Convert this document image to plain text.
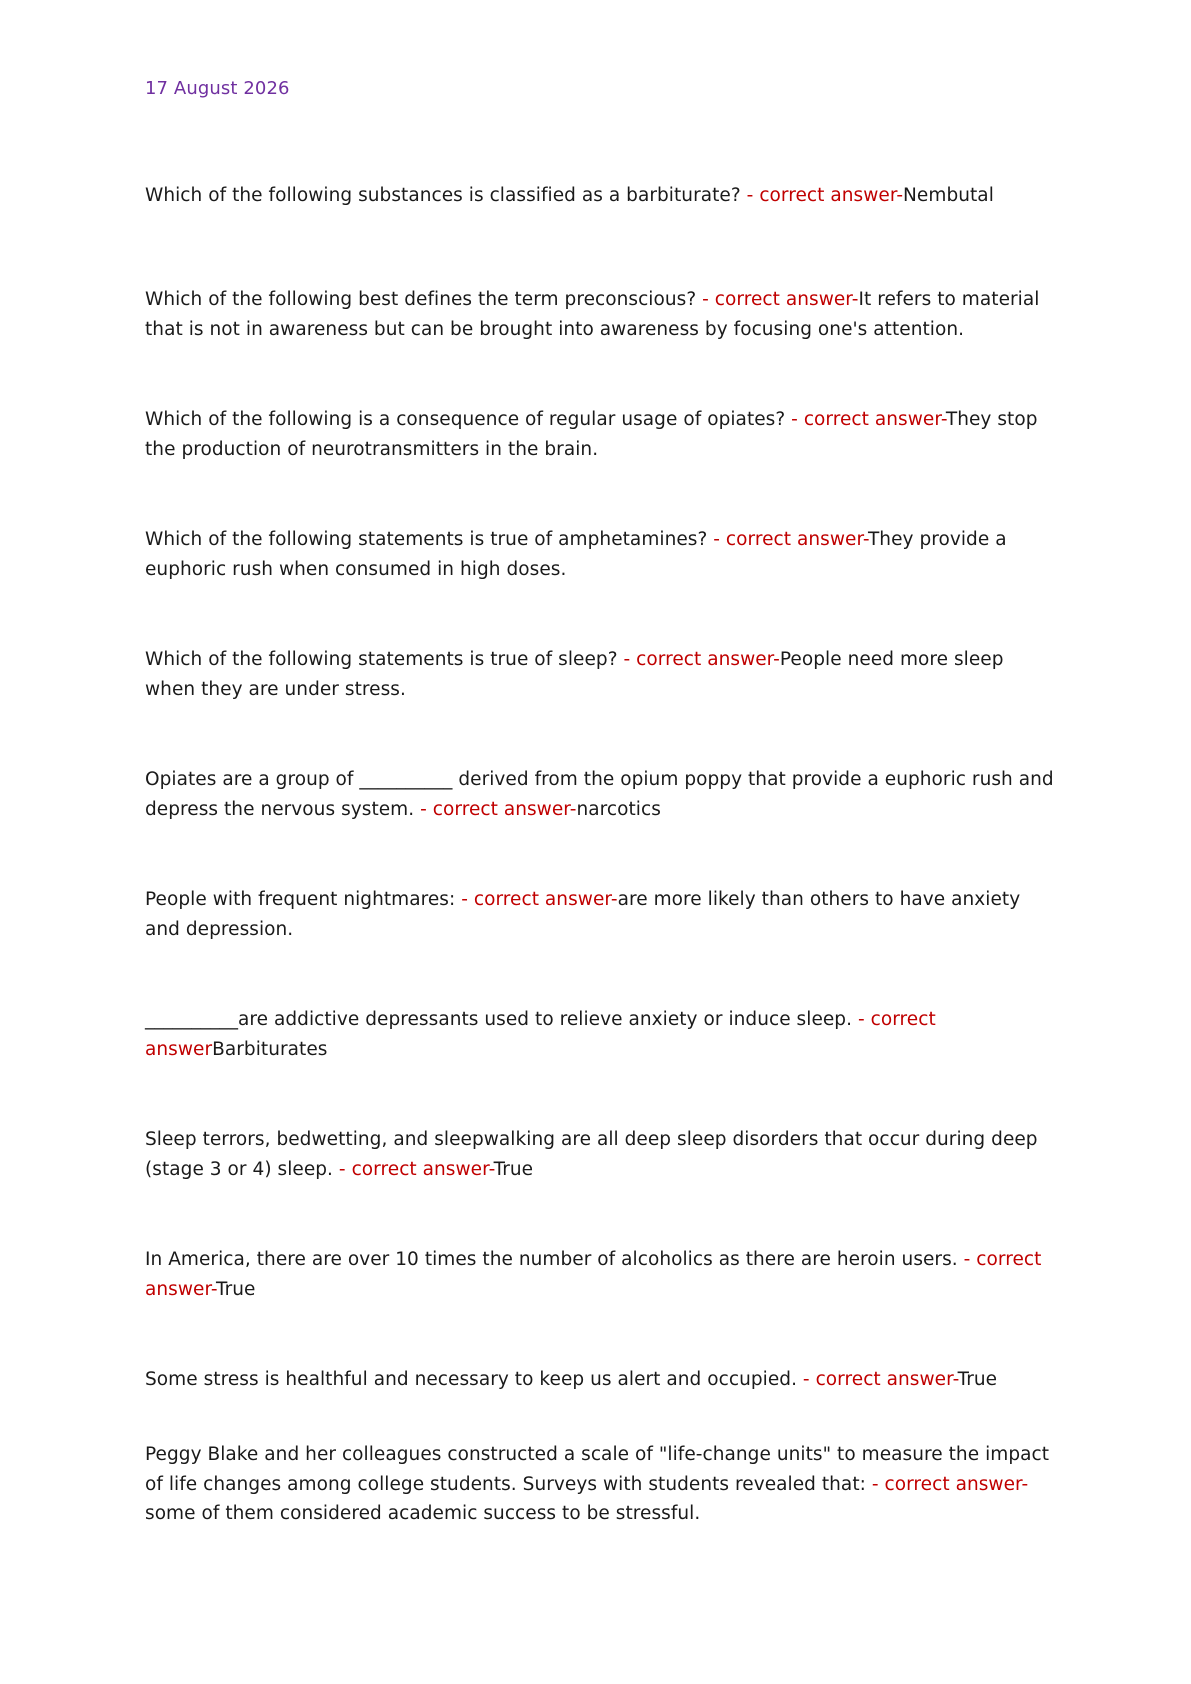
17 August 2026

Which of the following substances is classified as a barbiturate? - correct answer-Nembutal

Which of the following best defines the term preconscious? - correct answer-It refers to material that is not in awareness but can be brought into awareness by focusing one's attention.

Which of the following is a consequence of regular usage of opiates? - correct answer-They stop the production of neurotransmitters in the brain.

Which of the following statements is true of amphetamines? - correct answer-They provide a euphoric rush when consumed in high doses.

Which of the following statements is true of sleep? - correct answer-People need more sleep when they are under stress.

Opiates are a group of __________ derived from the opium poppy that provide a euphoric rush and depress the nervous system. - correct answer-narcotics

People with frequent nightmares: - correct answer-are more likely than others to have anxiety and depression.

__________are addictive depressants used to relieve anxiety or induce sleep. - correct answerBarbiturates

Sleep terrors, bedwetting, and sleepwalking are all deep sleep disorders that occur during deep (stage 3 or 4) sleep. - correct answer-True

In America, there are over 10 times the number of alcoholics as there are heroin users. - correct answer-True

Some stress is healthful and necessary to keep us alert and occupied. - correct answer-True

Peggy Blake and her colleagues constructed a scale of "life-change units" to measure the impact of life changes among college students. Surveys with students revealed that: - correct answer-some of them considered academic success to be stressful.
